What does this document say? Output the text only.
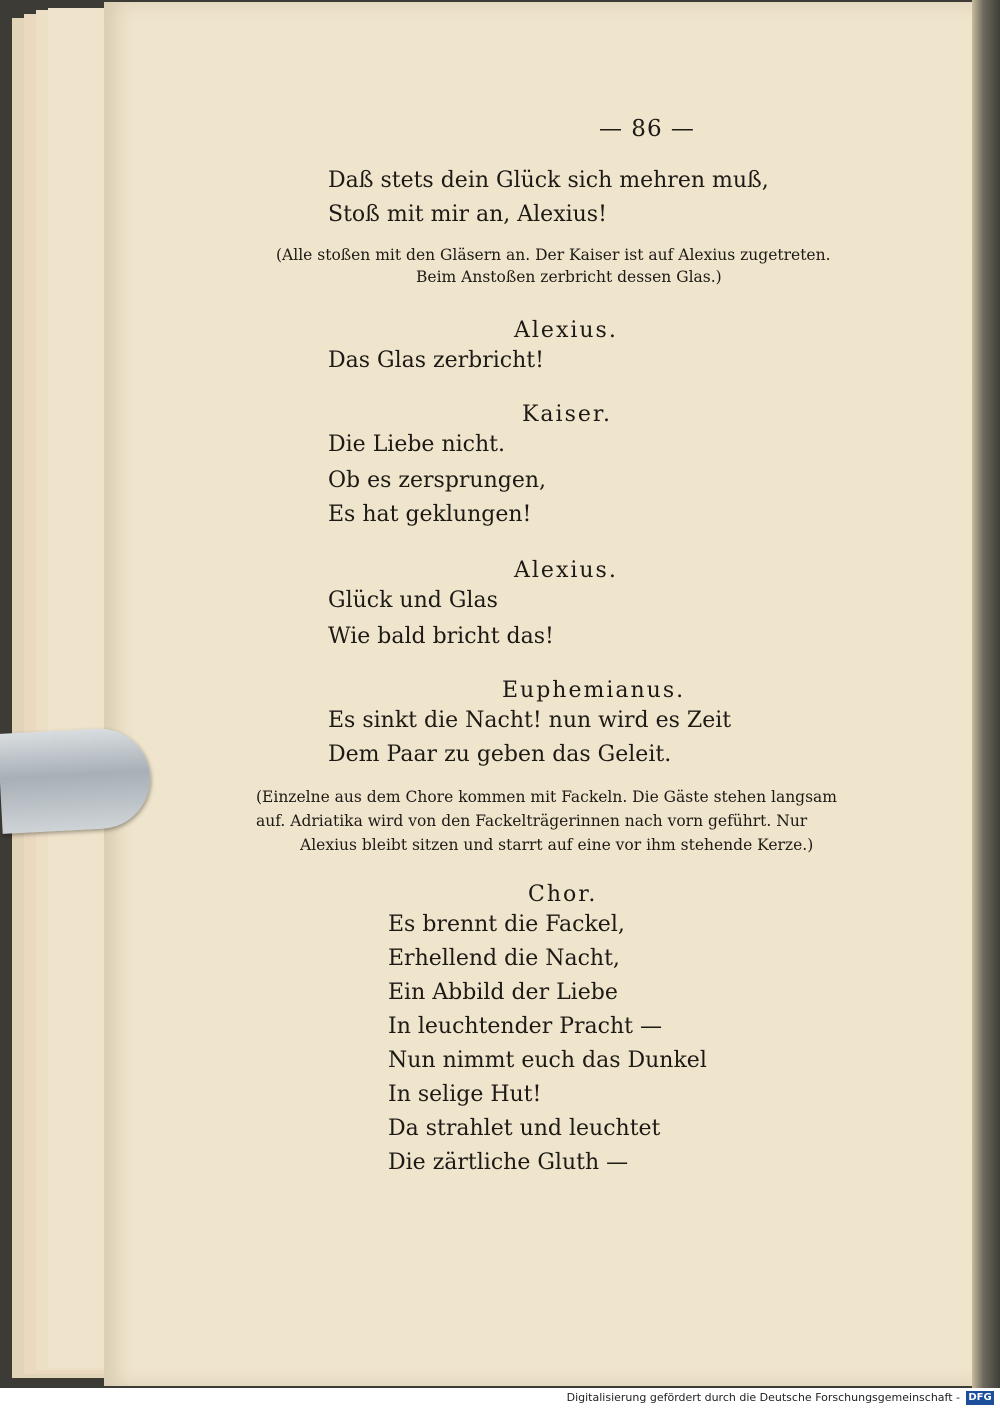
— 86 —
Daß stets dein Glück sich mehren muß,
Stoß mit mir an, Alexius!
(Alle stoßen mit den Gläsern an. Der Kaiser ist auf Alexius zugetreten.
Beim Anstoßen zerbricht dessen Glas.)
Alexius.
Das Glas zerbricht!
Kaiser.
Die Liebe nicht.
Ob es zersprungen,
Es hat geklungen!
Alexius.
Glück und Glas
Wie bald bricht das!
Euphemianus.
Es sinkt die Nacht! nun wird es Zeit
Dem Paar zu geben das Geleit.
(Einzelne aus dem Chore kommen mit Fackeln. Die Gäste stehen langsam
auf. Adriatika wird von den Fackelträgerinnen nach vorn geführt. Nur
Alexius bleibt sitzen und starrt auf eine vor ihm stehende Kerze.)
Chor.
Es brennt die Fackel,
Erhellend die Nacht,
Ein Abbild der Liebe
In leuchtender Pracht —
Nun nimmt euch das Dunkel
In selige Hut!
Da strahlet und leuchtet
Die zärtliche Gluth —
Digitalisierung gefördert durch die Deutsche Forschungsgemeinschaft - DFG
